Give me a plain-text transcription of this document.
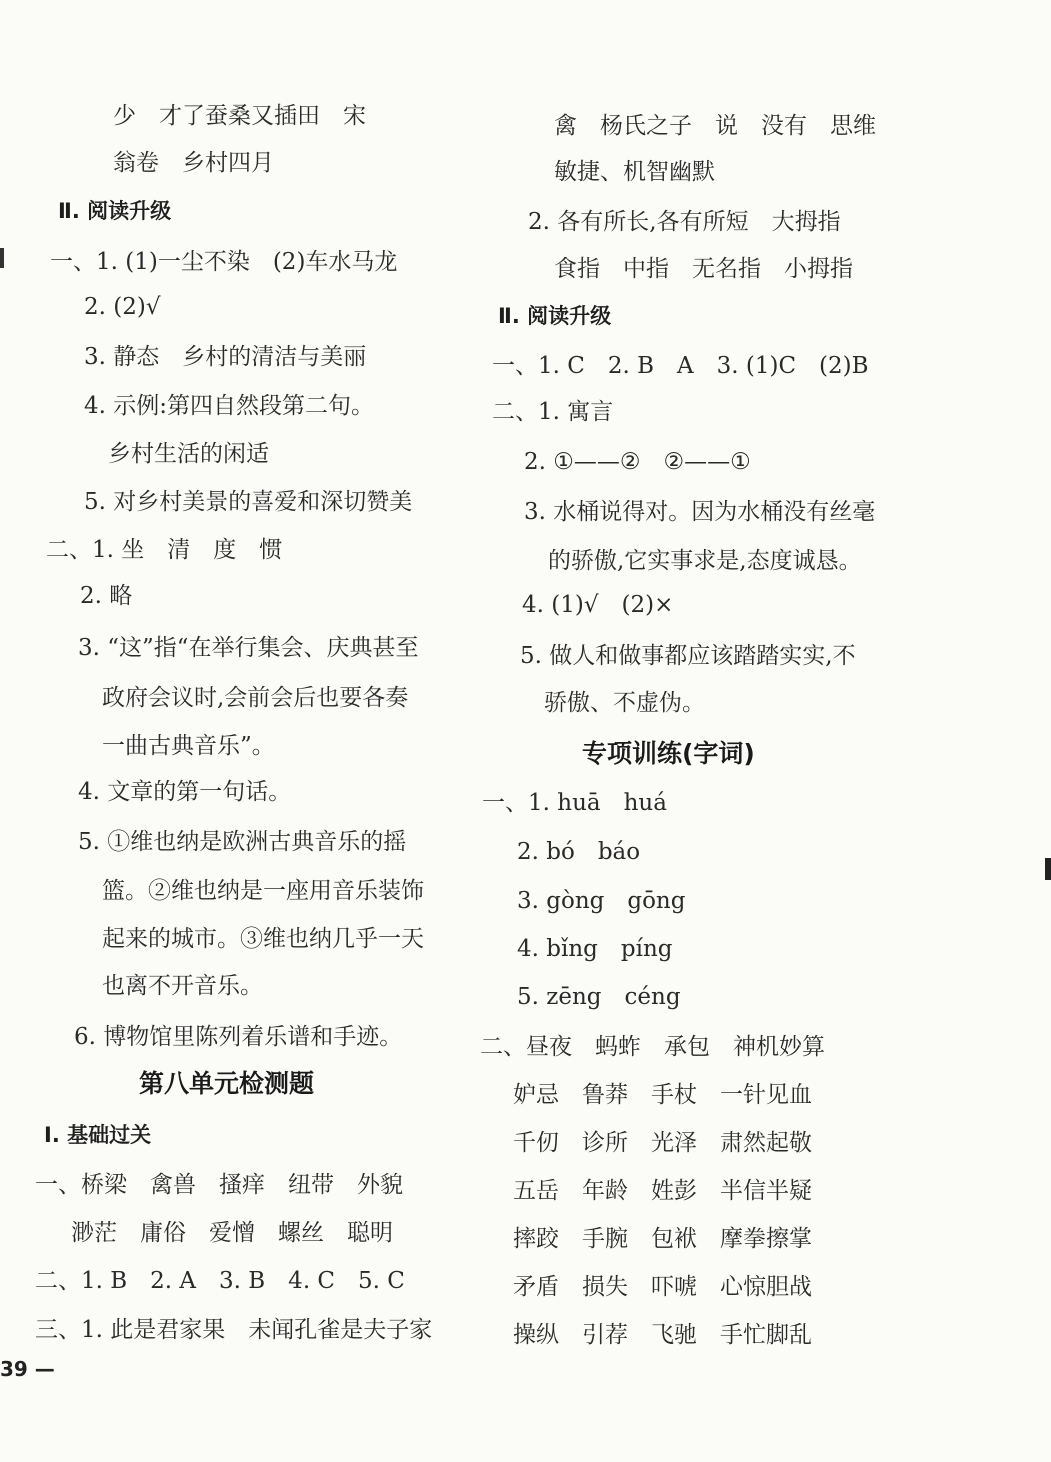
少　才了蚕桑又插田　宋
翁卷　乡村四月
Ⅱ. 阅读升级
一、1. (1)一尘不染　(2)车水马龙
2. (2)√
3. 静态　乡村的清洁与美丽
4. 示例:第四自然段第二句。
乡村生活的闲适
5. 对乡村美景的喜爱和深切赞美
二、1. 坐　清　度　惯
2. 略
3. “这”指“在举行集会、庆典甚至
政府会议时,会前会后也要各奏
一曲古典音乐”。
4. 文章的第一句话。
5. ①维也纳是欧洲古典音乐的摇
篮。②维也纳是一座用音乐装饰
起来的城市。③维也纳几乎一天
也离不开音乐。
6. 博物馆里陈列着乐谱和手迹。
第八单元检测题
Ⅰ. 基础过关
一、桥梁　禽兽　搔痒　纽带　外貌
渺茫　庸俗　爱憎　螺丝　聪明
二、1. B　2. A　3. B　4. C　5. C
三、1. 此是君家果　未闻孔雀是夫子家
39 —
禽　杨氏之子　说　没有　思维
敏捷、机智幽默
2. 各有所长,各有所短　大拇指
食指　中指　无名指　小拇指
Ⅱ. 阅读升级
一、1. C　2. B　A　3. (1)C　(2)B
二、1. 寓言
2. ①——②　②——①
3. 水桶说得对。因为水桶没有丝毫
的骄傲,它实事求是,态度诚恳。
4. (1)√　(2)×
5. 做人和做事都应该踏踏实实,不
骄傲、不虚伪。
专项训练(字词)
一、1. huā　huá
2. bó　báo
3. gòng　gōng
4. bǐng　píng
5. zēng　céng
二、昼夜　蚂蚱　承包　神机妙算
妒忌　鲁莽　手杖　一针见血
千仞　诊所　光泽　肃然起敬
五岳　年龄　姓彭　半信半疑
摔跤　手腕　包袱　摩拳擦掌
矛盾　损失　吓唬　心惊胆战
操纵　引荐　飞驰　手忙脚乱
